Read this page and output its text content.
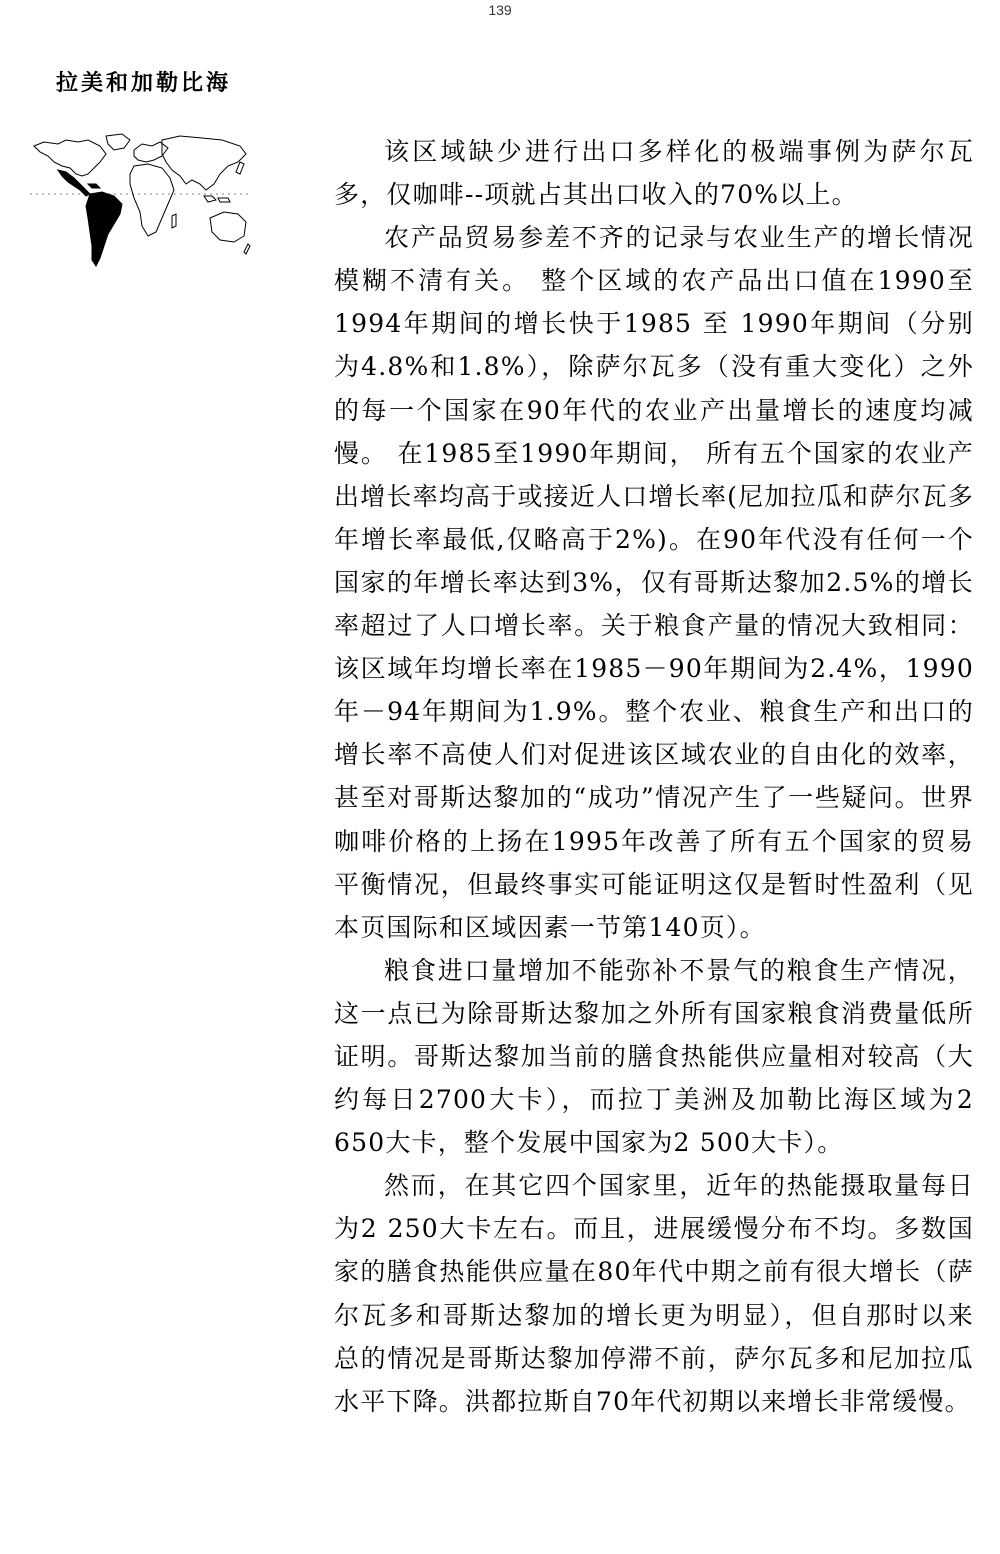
139
拉美和加勒比海

该区域缺少进行出口多样化的极端事例为萨尔瓦多，仅咖啡--项就占其出口收入的70%以上。

农产品贸易参差不齐的记录与农业生产的增长情况模糊不清有关。 整个区域的农产品出口值在1990至1994年期间的增长快于1985 至 1990年期间（分别为4.8%和1.8%），除萨尔瓦多（没有重大变化）之外的每一个国家在90年代的农业产出量增长的速度均减慢。 在1985至1990年期间， 所有五个国家的农业产出增长率均高于或接近人口增长率(尼加拉瓜和萨尔瓦多年增长率最低,仅略高于2%)。在90年代没有任何一个国家的年增长率达到3%，仅有哥斯达黎加2.5%的增长率超过了人口增长率。关于粮食产量的情况大致相同：该区域年均增长率在1985－90年期间为2.4%，1990年－94年期间为1.9%。整个农业、粮食生产和出口的增长率不高使人们对促进该区域农业的自由化的效率，甚至对哥斯达黎加的“成功”情况产生了一些疑问。世界咖啡价格的上扬在1995年改善了所有五个国家的贸易平衡情况，但最终事实可能证明这仅是暂时性盈利（见本页国际和区域因素一节第140页）。

粮食进口量增加不能弥补不景气的粮食生产情况，这一点已为除哥斯达黎加之外所有国家粮食消费量低所证明。哥斯达黎加当前的膳食热能供应量相对较高（大约每日2700大卡），而拉丁美洲及加勒比海区域为2 650大卡，整个发展中国家为2 500大卡）。

然而，在其它四个国家里，近年的热能摄取量每日为2 250大卡左右。而且，进展缓慢分布不均。多数国家的膳食热能供应量在80年代中期之前有很大增长（萨尔瓦多和哥斯达黎加的增长更为明显），但自那时以来总的情况是哥斯达黎加停滞不前，萨尔瓦多和尼加拉瓜水平下降。洪都拉斯自70年代初期以来增长非常缓慢。
